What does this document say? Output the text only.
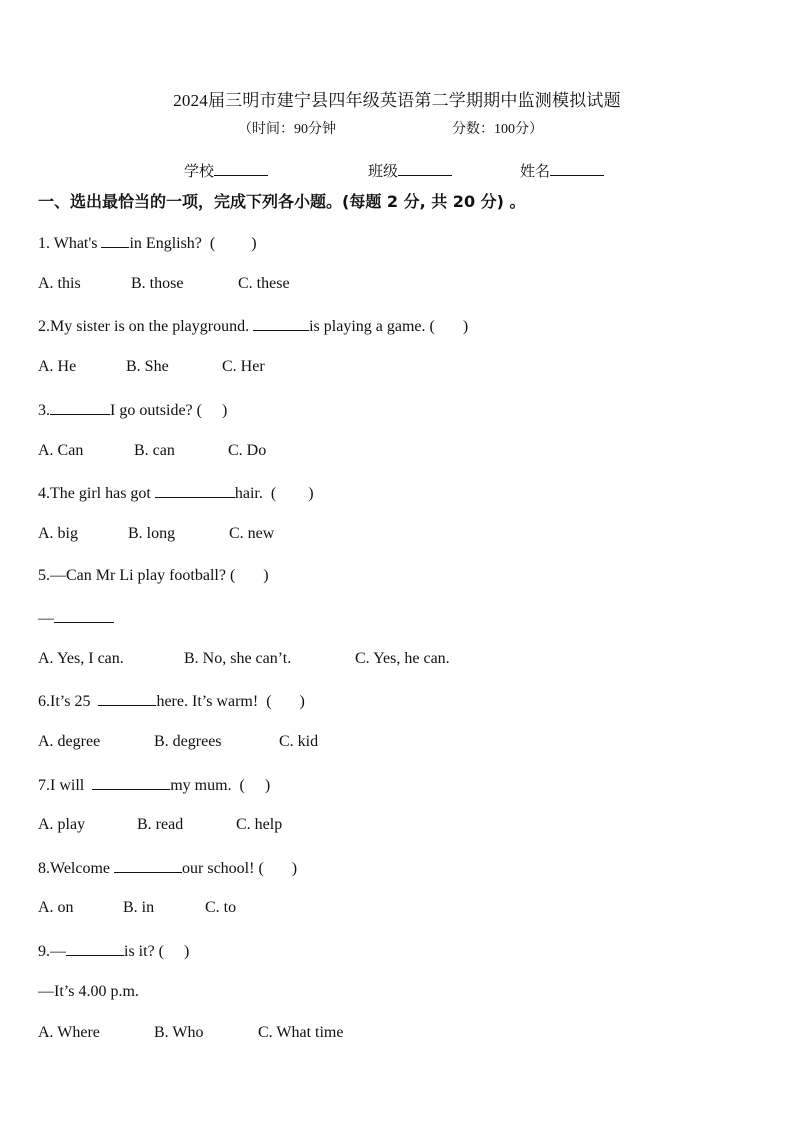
2024届三明市建宁县四年级英语第二学期期中监测模拟试题
（时间：90分钟	分数：100分）
学校	班级	姓名
一、选出最恰当的一项，完成下列各小题。(每题 2 分, 共 20 分) 。
1. What's in English?  (         )
A. this	B. those	C. these
2.My sister is on the playground.	is playing a game. (       )
A. He	B. She	C. Her
3.	I go outside? (     )
A. Can	B. can	C. Do
4.The girl has got	hair.  (        )
A. big	B. long	C. new
5.—Can Mr Li play football? (       )
—
A. Yes, I can.	B. No, she can’t.	C. Yes, he can.
6.It’s 25	here. It’s warm!  (       )
A. degree	B. degrees	C. kid
7.I will	my mum.  (     )
A. play	B. read	C. help
8.Welcome	our school! (       )
A. on	B. in	C. to
9.—	is it? (     )
—It’s 4.00 p.m.
A. Where	B. Who	C. What time
